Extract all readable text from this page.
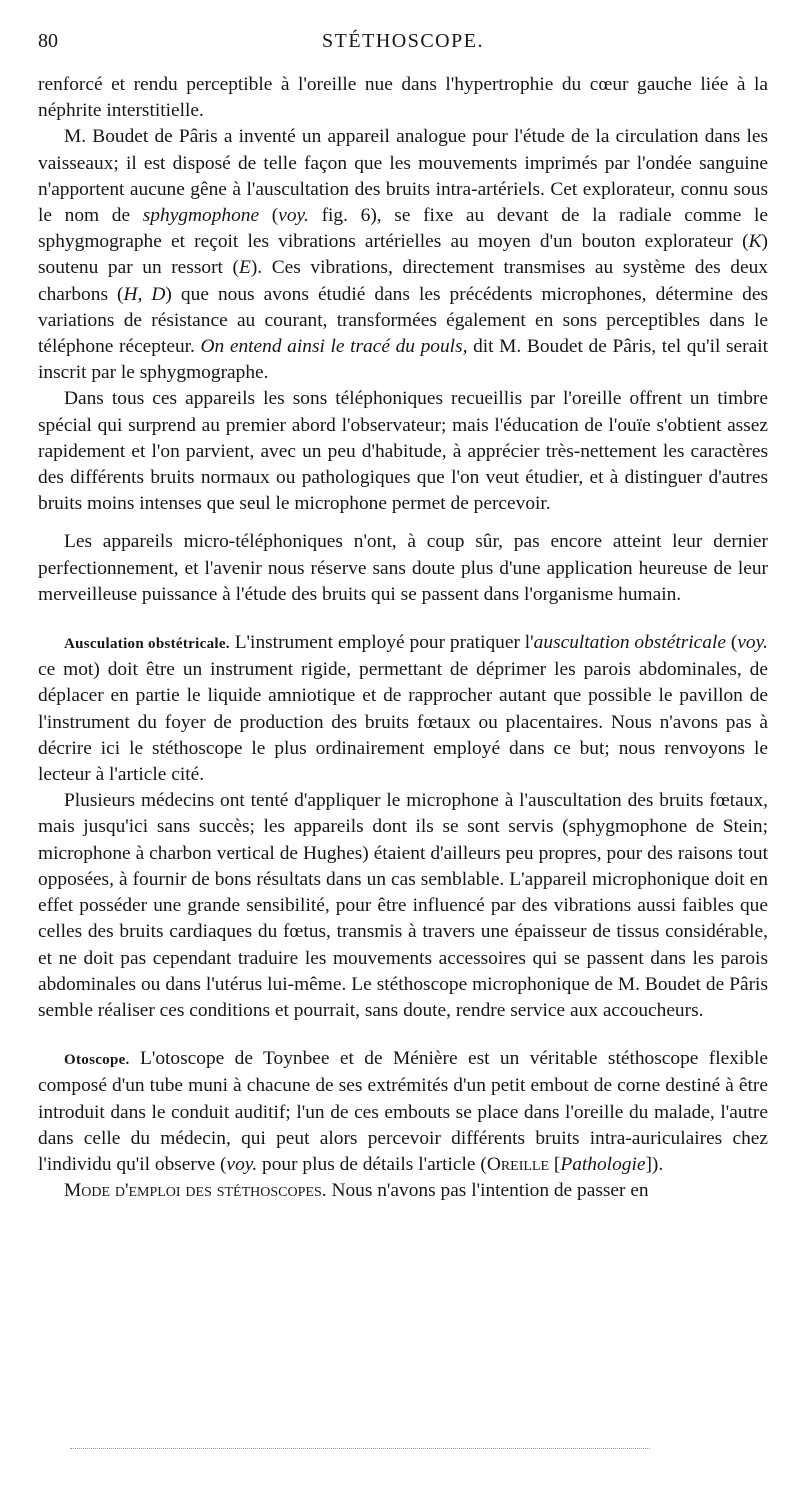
80	STÉTHOSCOPE.

renforcé et rendu perceptible à l'oreille nue dans l'hypertrophie du cœur gauche liée à la néphrite interstitielle.

M. Boudet de Pâris a inventé un appareil analogue pour l'étude de la circulation dans les vaisseaux; il est disposé de telle façon que les mouvements imprimés par l'ondée sanguine n'apportent aucune gêne à l'auscultation des bruits intra-artériels. Cet explorateur, connu sous le nom de sphygmophone (voy. fig. 6), se fixe au devant de la radiale comme le sphygmographe et reçoit les vibrations artérielles au moyen d'un bouton explorateur (K) soutenu par un ressort (E). Ces vibrations, directement transmises au système des deux charbons (H, D) que nous avons étudié dans les précédents microphones, détermine des variations de résistance au courant, transformées également en sons perceptibles dans le téléphone récepteur. On entend ainsi le tracé du pouls, dit M. Boudet de Pâris, tel qu'il serait inscrit par le sphygmographe.

Dans tous ces appareils les sons téléphoniques recueillis par l'oreille offrent un timbre spécial qui surprend au premier abord l'observateur; mais l'éducation de l'ouïe s'obtient assez rapidement et l'on parvient, avec un peu d'habitude, à apprécier très-nettement les caractères des différents bruits normaux ou pathologiques que l'on veut étudier, et à distinguer d'autres bruits moins intenses que seul le microphone permet de percevoir.

Les appareils micro-téléphoniques n'ont, à coup sûr, pas encore atteint leur dernier perfectionnement, et l'avenir nous réserve sans doute plus d'une application heureuse de leur merveilleuse puissance à l'étude des bruits qui se passent dans l'organisme humain.

Ausculation obstétricale. L'instrument employé pour pratiquer l'auscultation obstétricale (voy. ce mot) doit être un instrument rigide, permettant de déprimer les parois abdominales, de déplacer en partie le liquide amniotique et de rapprocher autant que possible le pavillon de l'instrument du foyer de production des bruits fœtaux ou placentaires. Nous n'avons pas à décrire ici le stéthoscope le plus ordinairement employé dans ce but; nous renvoyons le lecteur à l'article cité.

Plusieurs médecins ont tenté d'appliquer le microphone à l'auscultation des bruits fœtaux, mais jusqu'ici sans succès; les appareils dont ils se sont servis (sphygmophone de Stein; microphone à charbon vertical de Hughes) étaient d'ailleurs peu propres, pour des raisons tout opposées, à fournir de bons résultats dans un cas semblable. L'appareil microphonique doit en effet posséder une grande sensibilité, pour être influencé par des vibrations aussi faibles que celles des bruits cardiaques du fœtus, transmis à travers une épaisseur de tissus considérable, et ne doit pas cependant traduire les mouvements accessoires qui se passent dans les parois abdominales ou dans l'utérus lui-même. Le stéthoscope microphonique de M. Boudet de Pâris semble réaliser ces conditions et pourrait, sans doute, rendre service aux accoucheurs.

Otoscope. L'otoscope de Toynbee et de Ménière est un véritable stéthoscope flexible composé d'un tube muni à chacune de ses extrémités d'un petit embout de corne destiné à être introduit dans le conduit auditif; l'un de ces embouts se place dans l'oreille du malade, l'autre dans celle du médecin, qui peut alors percevoir différents bruits intra-auriculaires chez l'individu qu'il observe (voy. pour plus de détails l'article (Oreille [Pathologie]).

Mode d'emploi des stéthoscopes. Nous n'avons pas l'intention de passer en
